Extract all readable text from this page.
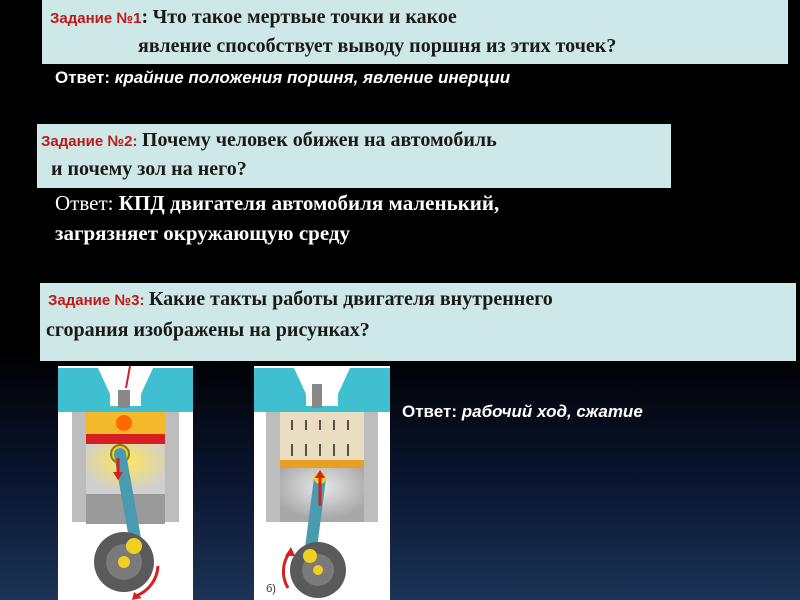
Задание №1: Что такое мертвые точки и какое
явление способствует выводу поршня из этих точек?
Ответ: крайние положения поршня, явление инерции
Задание №2: Почему человек обижен на автомобиль
и почему зол на него?
Ответ: КПД двигателя автомобиля маленький,
загрязняет окружающую среду
Задание №3: Какие такты работы двигателя внутреннего
сгорания изображены на рисунках?
б)
Ответ: рабочий ход, сжатие
